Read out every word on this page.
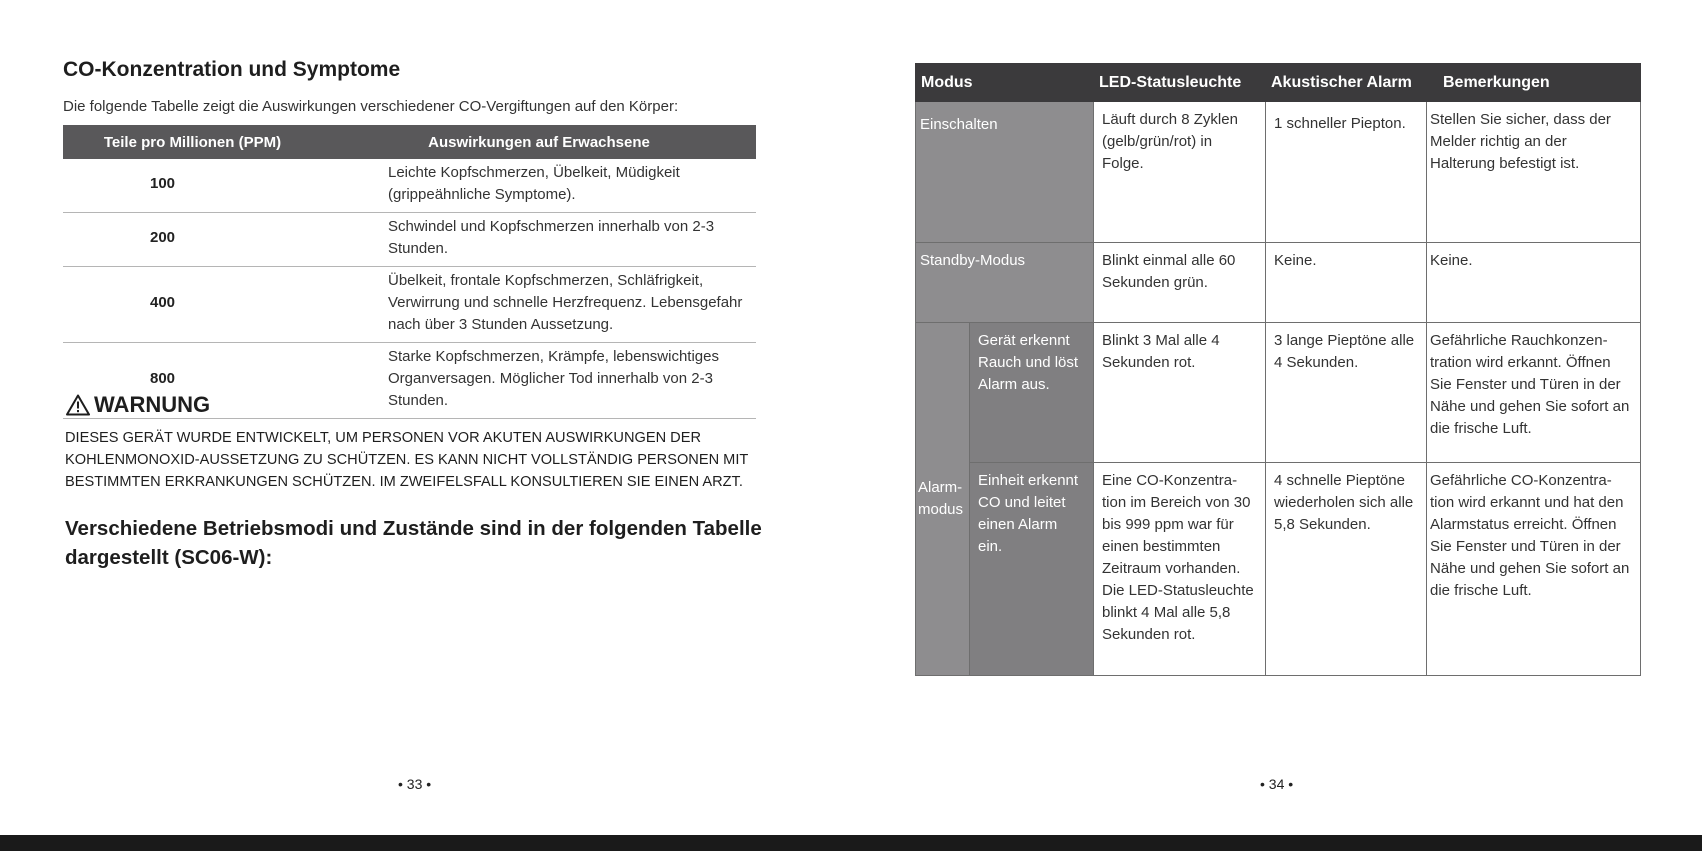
CO-Konzentration und Symptome
Die folgende Tabelle zeigt die Auswirkungen verschiedener CO-Vergiftungen auf den Körper:
Teile pro Millionen (PPM)	Auswirkungen auf Erwachsene
100	Leichte Kopfschmerzen, Übelkeit, Müdigkeit (grippeähnliche Symptome).
200	Schwindel und Kopfschmerzen innerhalb von 2-3 Stunden.
400	Übelkeit, frontale Kopfschmerzen, Schläfrigkeit, Verwirrung und schnelle Herzfrequenz. Lebensgefahr nach über 3 Stunden Aussetzung.
800	Starke Kopfschmerzen, Krämpfe, lebenswichtiges Organversagen. Möglicher Tod innerhalb von 2-3 Stunden.
WARNUNG
DIESES GERÄT WURDE ENTWICKELT, UM PERSONEN VOR AKUTEN AUSWIRKUNGEN DER KOHLENMONOXID-AUSSETZUNG ZU SCHÜTZEN. ES KANN NICHT VOLLSTÄNDIG PERSONEN MIT BESTIMMTEN ERKRANKUNGEN SCHÜTZEN. IM ZWEIFELSFALL KONSULTIEREN SIE EINEN ARZT.
Verschiedene Betriebsmodi und Zustände sind in der folgenden Tabelle dargestellt (SC06-W):
• 33 •	• 34 •
Modus		LED-Statusleuchte	Akustischer Alarm	Bemerkungen
Einschalten		Läuft durch 8 Zyklen (gelb/grün/rot) in Folge.	1 schneller Piepton.	Stellen Sie sicher, dass der Melder richtig an der Halterung befestigt ist.
Standby-Modus		Blinkt einmal alle 60 Sekunden grün.	Keine.	Keine.
Alarm-modus	Gerät erkennt Rauch und löst Alarm aus.	Blinkt 3 Mal alle 4 Sekunden rot.	3 lange Pieptöne alle 4 Sekunden.	Gefährliche Rauchkonzen-tration wird erkannt. Öffnen Sie Fenster und Türen in der Nähe und gehen Sie sofort an die frische Luft.
	Einheit erkennt CO und leitet einen Alarm ein.	Eine CO-Konzentra-tion im Bereich von 30 bis 999 ppm war für einen bestimmten Zeitraum vorhanden. Die LED-Statusleuchte blinkt 4 Mal alle 5,8 Sekunden rot.	4 schnelle Pieptöne wiederholen sich alle 5,8 Sekunden.	Gefährliche CO-Konzentra-tion wird erkannt und hat den Alarmstatus erreicht. Öffnen Sie Fenster und Türen in der Nähe und gehen Sie sofort an die frische Luft.
